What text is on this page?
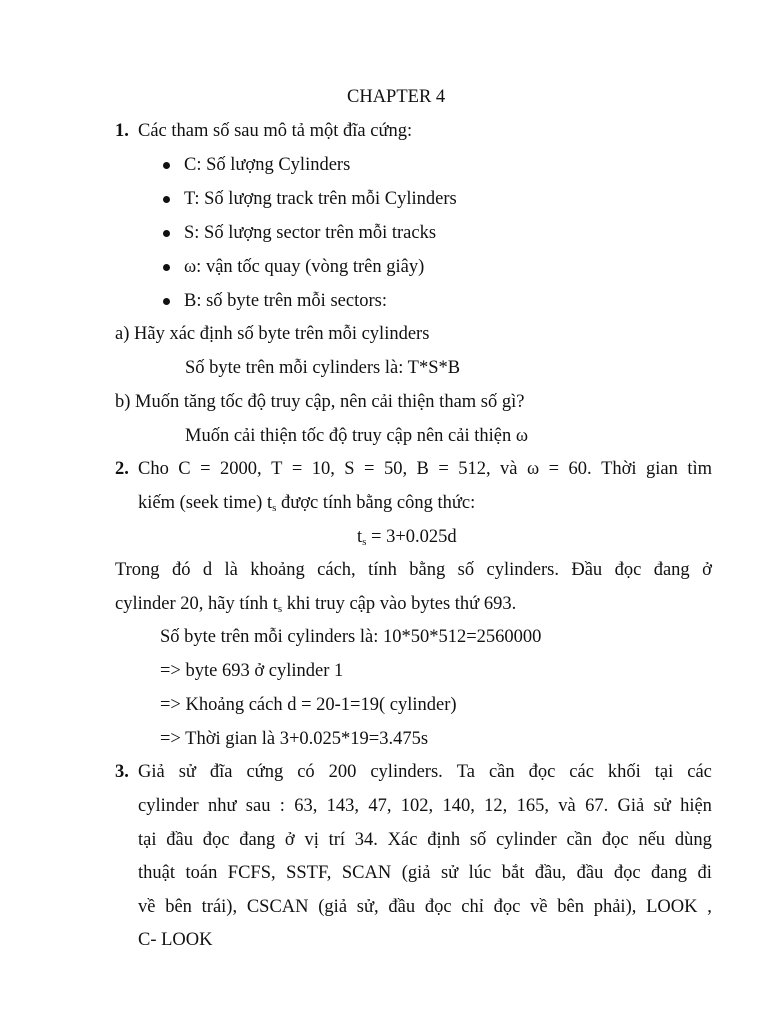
CHAPTER 4
1. Các tham số sau mô tả một đĩa cứng:
C: Số lượng Cylinders
T: Số lượng track trên mỗi Cylinders
S: Số lượng sector trên mỗi tracks
ω: vận tốc quay (vòng trên giây)
B: số byte trên mỗi sectors:
a) Hãy xác định số byte trên mỗi cylinders
Số byte trên mỗi cylinders là: T*S*B
b) Muốn tăng tốc độ truy cập, nên cải thiện tham số gì?
Muốn cải thiện tốc độ truy cập nên cải thiện ω
2. Cho C = 2000, T = 10, S = 50, B = 512, và ω = 60. Thời gian tìm
kiếm (seek time) $t_s$ được tính bằng công thức:
$t_s = 3+0.025d$
Trong đó d là khoảng cách, tính bằng số cylinders. Đầu đọc đang ở
cylinder 20, hãy tính $t_s$ khi truy cập vào bytes thứ 693.
Số byte trên mỗi cylinders là: 10*50*512=2560000
=> byte 693 ở cylinder 1
=> Khoảng cách d = 20-1=19( cylinder)
=> Thời gian là 3+0.025*19=3.475s
3. Giả sử đĩa cứng có 200 cylinders. Ta cần đọc các khối tại các
cylinder như sau : 63, 143, 47, 102, 140, 12, 165, và 67. Giả sử hiện
tại đầu đọc đang ở vị trí 34. Xác định số cylinder cần đọc nếu dùng
thuật toán FCFS, SSTF, SCAN (giả sử lúc bắt đầu, đầu đọc đang đi
về bên trái), CSCAN (giả sử, đầu đọc chỉ đọc về bên phải), LOOK ,
C- LOOK
